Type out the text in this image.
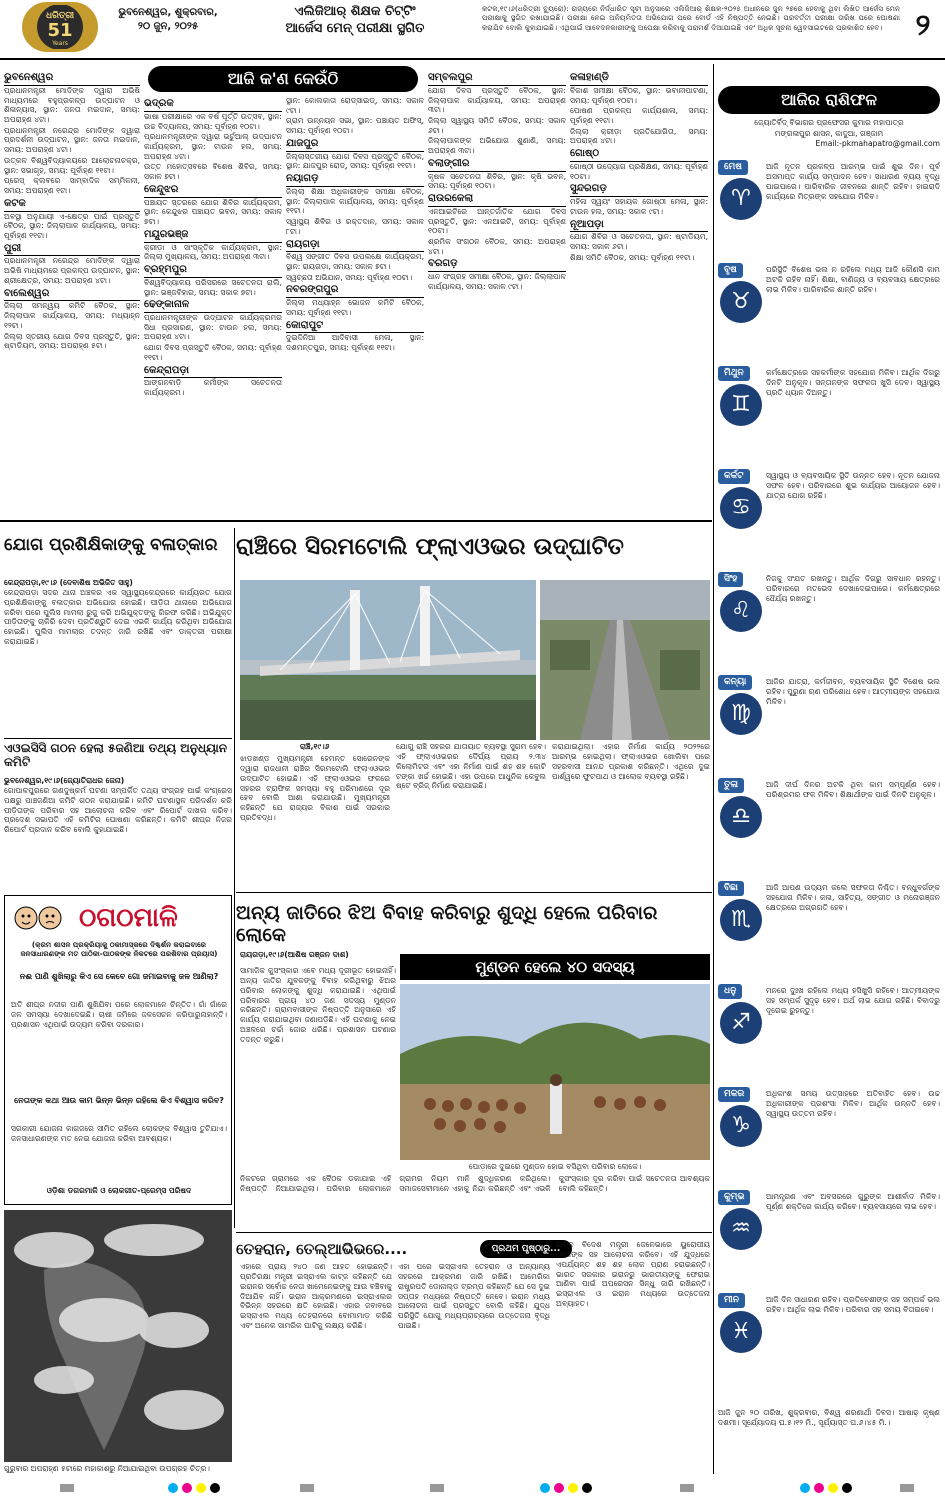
ଧରିତ୍ରୀ
51
Years
ଭୁବନେଶ୍ୱର, ଶୁକ୍ରବାର,
୨୦ ଜୁନ, ୨୦୨୫
ଏଲିଜିଆର୍ ଶିକ୍ଷକ ଚିଟ୍ଟିଂ
ଆର୍ଜେସ ମେନ୍ ପରୀକ୍ଷା ସ୍ଥଗିତ
କଟକ,୧୯।୬(ଧରିତ୍ରୀ ବ୍ୟୁରୋ): ରାଜ୍ୟରେ ନିର୍ଦ୍ଧାରିତ ସୂଚୀ ଅନୁସାରେ ଏଲିଜିଆର୍ ଶିକ୍ଷକ-୨୦୨୫ ଅଧୀନରେ ଜୁନ ୨୭ରେ ହେବାକୁ ଥିବା ଲିଖିତ ଆର୍ଜେସ ମେନ୍ ପରୀକ୍ଷାକୁ ସ୍ଥଗିତ ରଖାଯାଇଛି। ପରୀକ୍ଷା ନେଇ ଅନିୟମିତତା ଅଭିଯୋଗ ପରେ ବୋର୍ଡ ଏହି ନିଷ୍ପତ୍ତି ନେଇଛି। ପରବର୍ତ୍ତୀ ପରୀକ୍ଷା ତାରିଖ ପରେ ଘୋଷଣା କରାଯିବ ବୋଲି କୁହାଯାଇଛି। ଏଥିପାଇଁ ଆବେଦନକାରୀଙ୍କୁ ଅପେକ୍ଷା କରିବାକୁ ପରାମର୍ଶ ଦିଆଯାଇଛି ଏବଂ ଅଧିକ ସୂଚନା ୱେବସାଇଟରେ ପ୍ରକାଶିତ ହେବ।	୨
ଆଜି କ'ଣ କେଉଁଠି
ଭୁବନେଶ୍ୱର
ପ୍ରଧାନମନ୍ତ୍ରୀ ମୋଦିଙ୍କ ଦ୍ୱାରା ଅଭିଷି ମାଧ୍ୟମରେ ବହୁପ୍ରକଳ୍ପ ଉଦ୍‌ଘାଟନ ଓ ଶିଳାନ୍ୟାସ, ସ୍ଥାନ: ଜନତା ମଇଦାନ, ସମୟ: ଅପରାହ୍ଣ ୪ଟା।
ପ୍ରଧାନମନ୍ତ୍ରୀ ନରେନ୍ଦ୍ର ମୋଦିଙ୍କ ଦ୍ୱାରା ପ୍ରଦର୍ଶନୀ ଉଦ୍‌ଘାଟନ, ସ୍ଥାନ: ଜନତା ମଇଦାନ, ସମୟ: ଅପରାହ୍ଣ ୪ଟା।
ଉତ୍କଳ ବିଶ୍ୱବିଦ୍ୟାଳୟରେ ଆଲୋଚନାଚକ୍ର, ସ୍ଥାନ: ସଭାଗୃହ, ସମୟ: ପୂର୍ବାହ୍ଣ ୧୧ଟା।
ପ୍ରେସ୍ କ୍ଲବରେ ସାମ୍ବାଦିକ ସମ୍ମିଳନୀ, ସମୟ: ଅପରାହ୍ଣ ୧ଟା।
କଟକ
ଅବସ୍ଥା ଅନୁଯାୟୀ ଏ-କ୍ଷେତ୍ର ପାଇଁ ପ୍ରସ୍ତୁତି ବୈଠକ, ସ୍ଥାନ: ଜିଲ୍ଲାପାଳ କାର୍ଯ୍ୟାଳୟ, ସମୟ: ପୂର୍ବାହ୍ଣ ୧୧ଟା।
ପୁରୀ
ପ୍ରଧାନମନ୍ତ୍ରୀ ନରେନ୍ଦ୍ର ମୋଦିଙ୍କ ଦ୍ୱାରା ଅଭିଷି ମାଧ୍ୟମରେ ପ୍ରକଳ୍ପ ଉଦ୍‌ଘାଟନ, ସ୍ଥାନ: ଶ୍ରୀକ୍ଷେତ୍ର, ସମୟ: ଅପରାହ୍ଣ ୪ଟା।
ବାଲେଶ୍ୱର
ଜିଲ୍ଲା ସମନ୍ୱୟ କମିଟି ବୈଠକ, ସ୍ଥାନ: ଜିଲ୍ଲାପାଳ କାର୍ଯ୍ୟାଳୟ, ସମୟ: ମଧ୍ୟାହ୍ନ ୧୨ଟା।
ଜିଲ୍ଲା ସ୍ତରୀୟ ଯୋଗ ଦିବସ ପ୍ରସ୍ତୁତି, ସ୍ଥାନ: ଷ୍ଟାଡିୟମ, ସମୟ: ଅପରାହ୍ଣ ୫ଟା।
ଭଦ୍ରକ
ଭାଷା ପରୀକ୍ଷାରେ ଏକ ବର୍ଷ ପୂର୍ତ୍ତି ଉତ୍ସବ, ସ୍ଥାନ: ଉଚ୍ଚ ବିଦ୍ୟାଳୟ, ସମୟ: ପୂର୍ବାହ୍ଣ ୧୦ଟା।
ପ୍ରଧାନମନ୍ତ୍ରୀଙ୍କ ଦ୍ୱାରା ଭର୍ଚୁଆଲ୍ ଉଦ୍‌ଘାଟନ କାର୍ଯ୍ୟକ୍ରମ, ସ୍ଥାନ: ଟାଉନ ହଲ, ସମୟ: ଅପରାହ୍ଣ ୪ଟା।
ଉତ୍ତ ମହୋତ୍ସବରେ ବିଶେଷ ଶିବିର, ସମୟ: ସକାଳ ୭ଟା।
କେନ୍ଦୁଝର
ପଞ୍ଚାୟତ ସ୍ତରରେ ଯୋଗ ଶିବିର କାର୍ଯ୍ୟକ୍ରମ, ସ୍ଥାନ: କେନ୍ଦୁଝର ପଞ୍ଚାୟତ ଭବନ, ସମୟ: ସକାଳ ୭ଟା।
ମୟୂରଭଞ୍ଜ
କ୍ରୀଡ଼ା ଓ ସାଂସ୍କୃତିକ କାର୍ଯ୍ୟକ୍ରମ, ସ୍ଥାନ: ଜିଲ୍ଲା ମୁଖ୍ୟାଳୟ, ସମୟ: ଅପରାହ୍ଣ ୩ଟା।
ବ୍ରହ୍ମପୁର
ବିଶ୍ୱବିଦ୍ୟାଳୟ ପରିସରରେ ସଚେତନତା ରାଲି, ସ୍ଥାନ: ଭଞ୍ଜବିହାର, ସମୟ: ସକାଳ ୭ଟା।
ଢେଙ୍କାନାଳ
ପ୍ରଧାନମନ୍ତ୍ରୀଙ୍କ ଉଦ୍‌ଘାଟନ କାର୍ଯ୍ୟକ୍ରମର ସିଧା ପ୍ରସାରଣ, ସ୍ଥାନ: ଟାଉନ ହଲ, ସମୟ: ଅପରାହ୍ଣ ୪ଟା।
ଯୋଗ ଦିବସ ପ୍ରସ୍ତୁତି ବୈଠକ, ସମୟ: ପୂର୍ବାହ୍ଣ ୧୧ଟା।
କେନ୍ଦ୍ରାପଡ଼ା
ଆଙ୍ଗନବାଡ଼ି କର୍ମୀଙ୍କ ସଚେତନତା କାର୍ଯ୍ୟକ୍ରମ।
ସ୍ଥାନ: କୋଲକାତା ରୋଡ୍‌ସାଇଡ୍, ସମୟ: ସକାଳ ୯ଟା।
ଗ୍ରାମ ଉନ୍ନୟନ ସଭା, ସ୍ଥାନ: ପଞ୍ଚାୟତ ଅଫିସ୍, ସମୟ: ପୂର୍ବାହ୍ଣ ୧୦ଟା।
ଯାଜପୁର
ଜିଲ୍ଲାସ୍ତରୀୟ ଯୋଗ ଦିବସ ପ୍ରସ୍ତୁତି ବୈଠକ, ସ୍ଥାନ: ଯାଜପୁର ରୋଡ୍, ସମୟ: ପୂର୍ବାହ୍ଣ ୧୧ଟା।
ନୟାଗଡ଼
ଜିଲ୍ଲା ଶିକ୍ଷା ଅଧିକାରୀଙ୍କ ସମୀକ୍ଷା ବୈଠକ, ସ୍ଥାନ: ଜିଲ୍ଲାପାଳ କାର୍ଯ୍ୟାଳୟ, ସମୟ: ପୂର୍ବାହ୍ଣ ୧୧ଟା।
ସ୍ୱାସ୍ଥ୍ୟ ଶିବିର ଓ ରକ୍ତଦାନ, ସମୟ: ସକାଳ ୮ଟା।
ରାୟଗଡ଼ା
ବିଶ୍ୱ ସଙ୍ଗୀତ ଦିବସ ଉପଲକ୍ଷେ କାର୍ଯ୍ୟକ୍ରମ, ସ୍ଥାନ: ରାୟଗଡ଼ା, ସମୟ: ସକାଳ ୭ଟା।
ସ୍ୱଚ୍ଛତା ଅଭିଯାନ, ସମୟ: ପୂର୍ବାହ୍ଣ ୧୦ଟା।
ନବରଙ୍ଗପୁର
ଜିଲ୍ଲା ମଧ୍ୟାହ୍ନ ଭୋଜନ କମିଟି ବୈଠକ, ସମୟ: ପୂର୍ବାହ୍ଣ ୧୧ଟା।
କୋରାପୁଟ
ଦୁଇଦିନିଆ ଆଦିବାସୀ ମେଳା, ସ୍ଥାନ: ଦଶମନ୍ତପୁର, ସମୟ: ପୂର୍ବାହ୍ଣ ୧୧ଟା।
ସମ୍ବଲପୁର
ଯୋଗ ଦିବସ ପ୍ରସ୍ତୁତି ବୈଠକ, ସ୍ଥାନ: ଜିଲ୍ଲାପାଳ କାର୍ଯ୍ୟାଳୟ, ସମୟ: ଅପରାହ୍ଣ ୩ଟା।
ଜିଲ୍ଲା ସ୍ୱାସ୍ଥ୍ୟ ସମିତି ବୈଠକ, ସମୟ: ସକାଳ ୬ଟା।
ଜିଲ୍ଲାପାଳଙ୍କ ଅଭିଯୋଗ ଶୁଣାଣି, ସମୟ: ଅପରାହ୍ଣ ୩ଟା।
ବଲାଙ୍ଗୀର
କୃଷକ ସଚେତନତା ଶିବିର, ସ୍ଥାନ: କୃଷି ଭବନ, ସମୟ: ପୂର୍ବାହ୍ଣ ୧୦ଟା।
ରାଉରକେଲା
ଏନଆଇଟିରେ ଆନ୍ତର୍ଜାତିକ ଯୋଗ ଦିବସ ପ୍ରସ୍ତୁତି, ସ୍ଥାନ: ଏନଆଇଟି, ସମୟ: ପୂର୍ବାହ୍ଣ ୧୦ଟା।
ଶ୍ରମିକ ସଂଗଠନ ବୈଠକ, ସମୟ: ଅପରାହ୍ଣ ୪ଟା।
ବରଗଡ଼
ଧାନ ସଂଗ୍ରହ ସମୀକ୍ଷା ବୈଠକ, ସ୍ଥାନ: ଜିଲ୍ଲାପାଳ କାର୍ଯ୍ୟାଳୟ, ସମୟ: ସକାଳ ୯ଟା।
କଳାହାଣ୍ଡି
ବିକାଶ ସମୀକ୍ଷା ବୈଠକ, ସ୍ଥାନ: ଭବାନୀପାଟଣା, ସମୟ: ପୂର୍ବାହ୍ଣ ୧୦ଟା।
ପୋଷଣ ପ୍ରକଳ୍ପ କାର୍ଯ୍ୟଶାଳା, ସମୟ: ପୂର୍ବାହ୍ଣ ୧୧ଟା।
ଜିଲ୍ଲା କ୍ରୀଡ଼ା ପ୍ରତିଯୋଗିତା, ସମୟ: ଅପରାହ୍ଣ ୪ଟା।
ଗୋଷ୍ଠ
ଗୋଷ୍ଠୀ ଉଦ୍ୟୋଗ ପ୍ରଶିକ୍ଷଣ, ସମୟ: ପୂର୍ବାହ୍ଣ ୧୦ଟା।
ସୁନ୍ଦରଗଡ଼
ମହିଳା ସ୍ୱୟଂ ସହାୟକ ଗୋଷ୍ଠୀ ମେଳା, ସ୍ଥାନ: ଟାଉନ ହଲ, ସମୟ: ସକାଳ ୯ଟା।
ନୂଆପଡ଼ା
ଯୋଗ ଶିବିର ଓ ସଚେତନତା, ସ୍ଥାନ: ଷ୍ଟାଡିୟମ, ସମୟ: ସକାଳ ୬ଟା।
ଶିକ୍ଷା ସମିତି ବୈଠକ, ସମୟ: ପୂର୍ବାହ୍ଣ ୧୧ଟା।
ଆଜିର ରାଶିଫଳ
ଜ୍ୟୋତିର୍ବିଦ୍ ବିଭାଗର ପ୍ରଫେସର କୁମାର ମହାପାତ୍ର
ମଙ୍ଗଳାପୁର ଶାସନ, କାଦୁଆ, ଗଞ୍ଜାମ
Email:-pkmahapatro@gmail.com
ମେଷ
♈
ଆଜି ନୂତନ ପ୍ରକଳ୍ପ ଆରମ୍ଭ ପାଇଁ ଶୁଭ ଦିନ। ପୂର୍ବ ଅସମାପ୍ତ କାର୍ଯ୍ୟ ସମ୍ପାଦନ ହେବ। ସାଧାରଣ ବ୍ୟୟ ବୃଦ୍ଧି ପାଇପାରେ। ପାରିବାରିକ ଜୀବନରେ ଶାନ୍ତି ରହିବ। ହାଇରାଦି କାର୍ଯ୍ୟରେ ମିତ୍ରଙ୍କ ସହଯୋଗ ମିଳିବ।
ବୃଷ
♉
ପରିସ୍ଥିତି ବିଶେଷ ଭଲ ନ ରହିଲେ ମଧ୍ୟ ଆଜି କୌଣସି କାମ ଅଟକି ରହିବ ନାହିଁ। ଶିକ୍ଷା, ବାଣିଜ୍ୟ ଓ ବ୍ୟବସାୟ କ୍ଷେତ୍ରରେ ଲାଭ ମିଳିବ। ପାରିବାରିକ ଶାନ୍ତି ରହିବ।
ମିଥୁନ
♊
କର୍ମକ୍ଷେତ୍ରରେ ସହକର୍ମୀଙ୍କ ସହଯୋଗ ମିଳିବ। ଆର୍ଥିକ ଦିଗରୁ ଦିନଟି ଅନୁକୂଳ। ସନ୍ତାନଙ୍କ ସଫଳତା ଖୁସି ଦେବ। ସ୍ୱାସ୍ଥ୍ୟ ପ୍ରତି ଧ୍ୟାନ ଦିଅନ୍ତୁ।
କର୍କଟ
♋
ସ୍ୱାସ୍ଥ୍ୟ ଓ ବ୍ୟବସାୟିକ ସ୍ଥିତି ଉନ୍ନତ ହେବ। ନୂତନ ଯୋଜନା ସଫଳ ହେବ। ପରିବାରରେ ଶୁଭ କାର୍ଯ୍ୟର ଆୟୋଜନ ହେବ। ଯାତ୍ରା ଯୋଗ ରହିଛି।
ସିଂହ
♌
ନିଜକୁ ସଂଯତ ରଖନ୍ତୁ। ଆର୍ଥିକ ଦିଗରୁ ସାବଧାନ ରହନ୍ତୁ। ପରିବାରରେ ମତଭେଦ ଦେଖାଦେଇପାରେ। କର୍ମକ୍ଷେତ୍ରରେ ଧୈର୍ଯ୍ୟ ରଖନ୍ତୁ।
କନ୍ୟା
♍
ଆଜିର ଯାତ୍ରା, କର୍ମଜୀବନ, ବ୍ୟବସାୟିକ ସ୍ଥିତି ବିଶେଷ ଭଲ ରହିବ। ପୁରୁଣା ଋଣ ପରିଶୋଧ ହେବ। ଆତ୍ମୀୟଙ୍କ ସହଯୋଗ ମିଳିବ।
ତୁଳା
♎
ଆଜି ଦୀର୍ଘ ଦିନର ଅଟକି ଥିବା କାମ ସମ୍ପୂର୍ଣ୍ଣ ହେବ। ପରିଶ୍ରମର ଫଳ ମିଳିବ। ଶିକ୍ଷାର୍ଥୀଙ୍କ ପାଇଁ ଦିନଟି ଅନୁକୂଳ।
ବିଛା
♏
ଆଜି ଆପଣ ଉଦ୍ୟମ କଲେ ସଫଳତା ନିଶ୍ଚିତ। ବନ୍ଧୁବର୍ଗଙ୍କ ସହଯୋଗ ମିଳିବ। କଳା, ସାହିତ୍ୟ, ସଙ୍ଗୀତ ଓ ମନୋରଞ୍ଜନ କ୍ଷେତ୍ରରେ ଅଗ୍ରଗତି ହେବ।
ଧନୁ
♐
ମନରେ ଦୁଃଖ ରହିଲେ ମଧ୍ୟ ହସିଖୁସି ରହିବେ। ଆତ୍ମୀୟଙ୍କ ସହ ସମ୍ପର୍କ ସୁଦୃଢ଼ ହେବ। ଅର୍ଥ ଲାଭ ଯୋଗ ରହିଛି। ବିବାଦରୁ ଦୂରେଇ ରୁହନ୍ତୁ।
ମକର
♑
ଅଧିକାଂଶ ସମୟ ଉତ୍ସାହରେ ଅତିବାହିତ ହେବ। ଉଚ୍ଚ ଅଧିକାରୀଙ୍କ ପ୍ରଶଂସା ମିଳିବ। ଆର୍ଥିକ ଉନ୍ନତି ହେବ। ସ୍ୱାସ୍ଥ୍ୟ ଉତ୍ତମ ରହିବ।
କୁମ୍ଭ
♒
ଆମନ୍ତ୍ରଣ ଏବଂ ଅବସରରେ ଗୁରୁଙ୍କ ଆଶୀର୍ବାଦ ମିଳିବ। ପୂର୍ଣ୍ଣ ଶକ୍ତିରେ କାର୍ଯ୍ୟ କରିବେ। ବ୍ୟବସାୟରେ ଲାଭ ହେବ।
ମୀନ
♓
ଆଜି ଦିନ ସାଧାରଣ ରହିବ। ପ୍ରତିବେଶୀଙ୍କ ସହ ସମ୍ପର୍କ ଭଲ ରହିବ। ଆର୍ଥିକ ଲାଭ ମିଳିବ। ପରିବାର ସହ ସମୟ ବିତାଇବେ।
ଆଜି ଜୁନ ୨୦ ତାରିଖ, ଶୁକ୍ରବାର, ବିଶ୍ୱ ଶରଣାର୍ଥୀ ଦିବସ। ଆଷାଢ଼ କୃଷ୍ଣ ଦଶମୀ। ସୂର୍ଯ୍ୟୋଦୟ ଘ.୫।୧୨ ମି., ସୂର୍ଯ୍ୟାସ୍ତ ଘ.୬।୪୫ ମି.।
ଯୋଗ ପ୍ରଶିକ୍ଷିକାଙ୍କୁ ବଳାତ୍କାର
କେନ୍ଦ୍ରାପଡ଼ା,୧୯।୬ (ଦେବାଶିଷ ଅଭିଜିତ ସାହୁ)
କେନ୍ଦ୍ରାପଡ଼ା ସଦର ଥାନା ଅଞ୍ଚଳର ଏକ ସ୍ୱାସ୍ଥ୍ୟକେନ୍ଦ୍ରରେ କାର୍ଯ୍ୟରତ ଯୋଗ ପ୍ରଶିକ୍ଷିକାଙ୍କୁ ବଳାତ୍କାର ଅଭିଯୋଗ ହୋଇଛି। ପୀଡ଼ିତା ଥାନାରେ ଅଭିଯୋଗ କରିବା ପରେ ପୁଲିସ ମାମଲା ରୁଜୁ କରି ଅଭିଯୁକ୍ତଙ୍କୁ ଗିରଫ କରିଛି। ଅଭିଯୁକ୍ତ ପୀଡ଼ିତାଙ୍କୁ ଚାକିରି ଦେବା ପ୍ରତିଶ୍ରୁତି ଦେଇ ଏଭଳି କାର୍ଯ୍ୟ କରିଥିବା ଅଭିଯୋଗ ହୋଇଛି। ପୁଲିସ ମାମଲାର ତଦନ୍ତ ଜାରି ରଖିଛି ଏବଂ ଡାକ୍ତରୀ ପରୀକ୍ଷା କରାଯାଇଛି।
ଏଓଇସିସି ଗଠନ ହେଲା ୫ଜଣିଆ ତଥ୍ୟ ଅନୁଧ୍ୟାନ କମିଟି
ଭୁବନେଶ୍ୱର,୧୯।୬(ଜ୍ୟୋତିରାଧର ଜେନା)
ଗୋପାଳପୁରରେ ଗଣଦୁଷ୍କର୍ମ ଘଟଣା ସମ୍ପର୍କିତ ତଥ୍ୟ ସଂଗ୍ରହ ପାଇଁ କଂଗ୍ରେସ ପକ୍ଷରୁ ପାଞ୍ଚଜଣିଆ କମିଟି ଗଠନ କରାଯାଇଛି। କମିଟି ଘଟଣାସ୍ଥଳ ପରିଦର୍ଶନ କରି ପୀଡ଼ିତାଙ୍କ ପରିବାର ସହ ଆଲୋଚନା କରିବ ଏବଂ ରିପୋର୍ଟ ଦାଖଲ କରିବ। ପ୍ରଦେଶ ସଭାପତି ଏହି କମିଟିର ଘୋଷଣା କରିଛନ୍ତି। କମିଟି ଶୀଘ୍ର ନିଜର ରିପୋର୍ଟ ପ୍ରଦାନ କରିବ ବୋଲି କୁହାଯାଇଛି।
ରାଞ୍ଚିରେ ସିରମଟୋଲି ଫ୍ଲାଏଓଭର ଉଦ୍‌ଘାଟିତ
ରାଞ୍ଚି,୧୯।୬
ଝାଡ଼ଖଣ୍ଡ ମୁଖ୍ୟମନ୍ତ୍ରୀ ହେମନ୍ତ ସୋରେନଙ୍କ ଦ୍ୱାରା ରାଜଧାନୀ ରାଞ୍ଚିର ସିରମଟୋଲି ଫ୍ଲାଏଓଭର ଉଦ୍‌ଘାଟିତ ହୋଇଛି। ଏହି ଫ୍ଲାଏଓଭର ଫଳରେ ସହରର ଟ୍ରାଫିକ ସମସ୍ୟା ବହୁ ପରିମାଣରେ ଦୂର ହେବ ବୋଲି ଆଶା କରାଯାଉଛି। ମୁଖ୍ୟମନ୍ତ୍ରୀ କହିଛନ୍ତି ଯେ ରାଜ୍ୟର ବିକାଶ ପାଇଁ ସରକାର ପ୍ରତିବଦ୍ଧ।
ଯୋଗୁ ରାଞ୍ଚି ସହରର ଯାତାୟାତ ବ୍ୟବସ୍ଥା ସୁଗମ ହେବ। ଏହି ଫ୍ଲାଏଓଭରର ଦୈର୍ଘ୍ୟ ପ୍ରାୟ ୨.୩୪ କିଲୋମିଟର ଏବଂ ଏହା ନିର୍ମାଣ ପାଇଁ ଶହ ଶହ କୋଟି ଟଙ୍କା ଖର୍ଚ୍ଚ ହୋଇଛି। ଏହା ଉପରେ ଆଧୁନିକ କେବୁଲ ଷ୍ଟେ ବ୍ରିଜ୍ ନିର୍ମାଣ କରାଯାଇଛି।
କରାଯାଇଥିଲା। ଏହାର ନିର୍ମାଣ କାର୍ଯ୍ୟ ୨୦୨୨ରେ ଆରମ୍ଭ ହୋଇଥିଲା। ଫ୍ଲାଏଓଭର ଖୋଲିବା ପରେ ସହରବାସୀ ଆନନ୍ଦ ପ୍ରକାଶ କରିଛନ୍ତି। ଏଥିରେ ଦୁଇ ପାର୍ଶ୍ୱରେ ଫୁଟପାଥ ଓ ଆଲୋକ ବ୍ୟବସ୍ଥା ରହିଛି।
ଠଗଠମାଳି
(କ୍ରମ ଶାସନ ପ୍ରକ୍ରିୟାକୁ ଠକାମାସ୍କରେ ଦିଗ୍ଦର୍ଶନ କରାଇବାରେ ଜନସାଧାରଣଙ୍କ ମତ ପାଠିକା-ପାଠକଙ୍କ ନିକଟରେ ପରଶିବାର ପ୍ରୟାସ)
ନଈ ପାଣି ଶୁଖିଲାରୁ କିଏ ସେ କେବେ ଗୋ ଜମାଇବାକୁ ଜଳ ଆଣିଲା?
ଅତି ଶୀଘ୍ର ନଦୀର ପାଣି ଶୁଖିଯିବା ପରେ ଲୋକମାନେ ଚିନ୍ତିତ। ଗାଁ ଗାଁରେ ଜଳ ସମସ୍ୟା ଦେଖାଦେଇଛି। ଚାଷୀ ଜମିରେ ଜଳସେଚନ କରିପାରୁନାହାନ୍ତି। ପ୍ରଶାସନ ଏଥିପାଇଁ ଉଦ୍ୟମ କରିବା ଦରକାର।
ନେତାଙ୍କ କଥା ଆଉ କାମ ଭିନ୍ନ ଭିନ୍ନ ରହିଲେ କିଏ ବିଶ୍ୱାସ କରିବ?
ସରକାରୀ ଯୋଜନା କାଗଜରେ ସୀମିତ ରହିଲେ ଲୋକଙ୍କ ବିଶ୍ୱାସ ତୁଟିଯାଏ। ଜନସାଧାରଣଙ୍କ ମତ ନେଇ ଯୋଜନା କରିବା ଆବଶ୍ୟକ।
ଓଡ଼ିଶା ଡଗରମାଳି ଓ ଲୋକଗୀତ-ପ୍ରେମ୍ସ ପରିଷଦ
ଗୁରୁବାର ଅପରାହ୍ଣ ୫ଟାରେ ମହାକାଶରୁ ନିଆଯାଇଥିବା ଉପଗ୍ରହ ଚିତ୍ର।
ଅନ୍ୟ ଜାତିରେ ଝିଅ ବିବାହ କରିବାରୁ ଶୁଦ୍ଧି ହେଲେ ପରିବାର ଲୋକେ
ରାୟଗଡ଼ା,୧୯।୬(ଆଶିଷ ରଞ୍ଜନ ଦାଶ)
ମୁଣ୍ଡନ ହେଲେ ୪୦ ସଦସ୍ୟ
ସାମାଜିକ କୁସଂସ୍କାର ଏବେ ମଧ୍ୟ ଦୂରୀଭୂତ ହୋଇନାହିଁ। ଅନ୍ୟ ଜାତିର ଯୁବକଙ୍କୁ ବିବାହ କରିଥିବାରୁ ଝିଅର ପରିବାର ଲୋକଙ୍କୁ ଶୁଦ୍ଧି କରାଯାଇଛି। ଏଥିପାଇଁ ପରିବାରର ପ୍ରାୟ ୪୦ ଜଣ ସଦସ୍ୟ ମୁଣ୍ଡନ କରିଛନ୍ତି। ଗ୍ରାମବାସୀଙ୍କ ନିଷ୍ପତ୍ତି ଅନୁସାରେ ଏହି କାର୍ଯ୍ୟ କରାଯାଇଥିବା ଜଣାପଡ଼ିଛି। ଏହି ଘଟଣାକୁ ନେଇ ଅଞ୍ଚଳରେ ଚର୍ଚ୍ଚା ଜୋର ଧରିଛି। ପ୍ରଶାସନ ଘଟଣାର ତଦନ୍ତ କରୁଛି।
ପୋଡ଼ାରେ ଦୁଇରେ ମୁଣ୍ଡନ ହୋଇ ବସିଥିବା ପରିବାର ଲୋକେ।
ନିକଟରେ ଗ୍ରାମରେ ଏକ ବୈଠକ ଡକାଯାଇ ଏହି ନିଷ୍ପତ୍ତି ନିଆଯାଇଥିଲା। ପରିବାର ଲୋକମାନେ ଗ୍ରାମର ନିୟମ ମାନି ଶୁଦ୍ଧିକରଣ କରିଥିଲେ। ସମାଜସେବୀମାନେ ଏହାକୁ ନିନ୍ଦା କରିଛନ୍ତି ଏବଂ ଏଭଳି କୁସଂସ୍କାର ଦୂର କରିବା ପାଇଁ ସଚେତନତା ଆବଶ୍ୟକ ବୋଲି କହିଛନ୍ତି।
ତେହରାନ, ତେଲ୍ଆଭିଭରେ....	ପ୍ରଥମ ପୃଷ୍ଠାରୁ...
ଏହାରେ ପ୍ରାୟ ୨୪୦ ଜଣ ଆହତ ହୋଇଛନ୍ତି। ପ୍ରତିରକ୍ଷା ମନ୍ତ୍ରୀ ଇସ୍ରାଏଲ କାଟ୍ଜ କହିଛନ୍ତି ଯେ ଇରାନର ସର୍ବୋଚ୍ଚ ନେତା ଖାମେନେଇଙ୍କୁ ଆଉ ବଞ୍ଚିବାକୁ ଦିଆଯିବ ନାହିଁ। ଇରାନ ଆକ୍ରମଣରେ ଇସ୍ରାଏଲର ବିଭିନ୍ନ ସହରରେ କ୍ଷତି ହୋଇଛି। ଏହାର ଜବାବରେ ଇସ୍ରାଏଲ ମଧ୍ୟ ତେହରାନରେ ବୋମାମାଡ଼ କରିଛି ଏବଂ ଅନେକ ସାମରିକ ଘାଟିକୁ ଲକ୍ଷ୍ୟ କରିଛି।
ଏହା ପରେ ଇସ୍ରାଏଲ ତେହରାନ ଓ ଅନ୍ୟାନ୍ୟ ସହରରେ ଆକ୍ରମଣ ଜାରି ରଖିଛି। ଆମେରିକା ରାଷ୍ଟ୍ରପତି ଡୋନାଲ୍ଡ ଟ୍ରମ୍ପ କହିଛନ୍ତି ଯେ ସେ ଦୁଇ ସପ୍ତାହ ମଧ୍ୟରେ ନିଷ୍ପତ୍ତି ନେବେ। ଇରାନ ମଧ୍ୟ ଆଲୋଚନା ପାଇଁ ପ୍ରସ୍ତୁତ ବୋଲି କହିଛି। ଯୁଦ୍ଧ ପରିସ୍ଥିତି ଯୋଗୁ ମଧ୍ୟପ୍ରାଚ୍ୟରେ ଉତ୍ତେଜନା ବୃଦ୍ଧି ପାଇଛି।
ଇରାନ ବିଦେଶ ମନ୍ତ୍ରୀ ଜେନେଭାରେ ୟୁରୋପୀୟ ନେତାଙ୍କ ସହ ଆଲୋଚନା କରିବେ। ଏହି ଯୁଦ୍ଧରେ ଏପର୍ଯ୍ୟନ୍ତ ଶହ ଶହ ଲୋକ ପ୍ରାଣ ହରାଇଛନ୍ତି। ଭାରତ ସରକାର ଇରାନରୁ ଭାରତୀୟଙ୍କୁ ଫେରାଇ ଆଣିବା ପାଇଁ ଅପରେସନ ସିନ୍ଧୁ ଜାରି ରଖିଛନ୍ତି। ଇସ୍ରାଏଲ ଓ ଇରାନ ମଧ୍ୟରେ ଉତ୍ତେଜନା ଅବ୍ୟାହତ।
